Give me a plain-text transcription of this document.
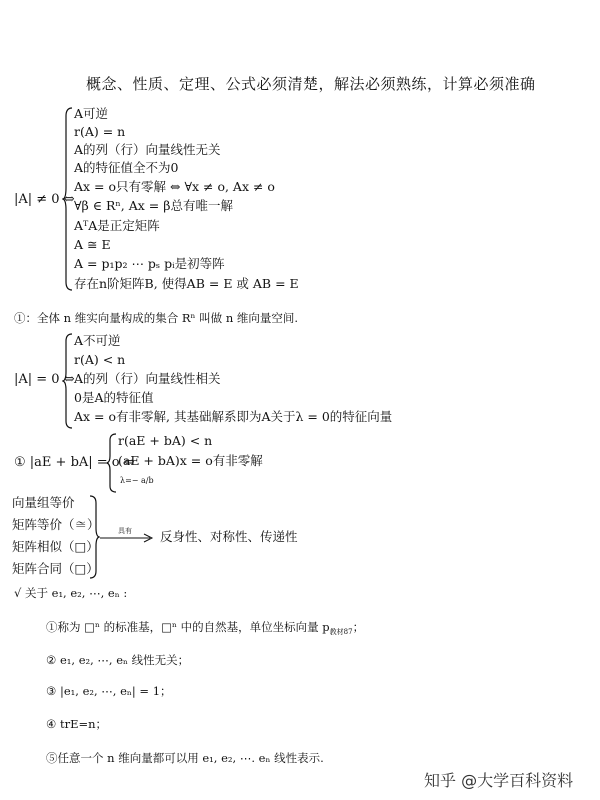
概念、性质、定理、公式必须清楚，解法必须熟练，计算必须准确
|A| ≠ 0 ⇔
A可逆
r(A) = n
A的列（行）向量线性无关
A的特征值全不为0
Ax = o只有零解 ⇔ ∀x ≠ o, Ax ≠ o
∀β ∈ Rⁿ, Ax = β总有唯一解
AᵀA是正定矩阵
A ≅ E
A = p₁p₂ ⋯ pₛ pᵢ是初等阵
存在n阶矩阵B, 使得AB = E 或 AB = E
①：全体 n 维实向量构成的集合 Rⁿ 叫做 n 维向量空间.
|A| = 0 ⇔
A不可逆
r(A) < n
A的列（行）向量线性相关
0是A的特征值
Ax = o有非零解, 其基础解系即为A关于λ = 0的特征向量
① |aE + bA| = o ⇔
r(aE + bA) < n
(aE + bA)x = o有非零解
λ=− a/b
向量组等价
矩阵等价（≅）
矩阵相似（□）
矩阵合同（□）
具有 反身性、对称性、传递性
√ 关于 e₁, e₂, ⋯, eₙ :
①称为 □ⁿ 的标准基，□ⁿ 中的自然基，单位坐标向量 $p_{教材87}$；
② e₁, e₂, ⋯, eₙ 线性无关；
③ |e₁, e₂, ⋯, eₙ| = 1；
④ trE=n；
⑤任意一个 n 维向量都可以用 e₁, e₂, ⋯. eₙ 线性表示.
知乎 @大学百科资料
